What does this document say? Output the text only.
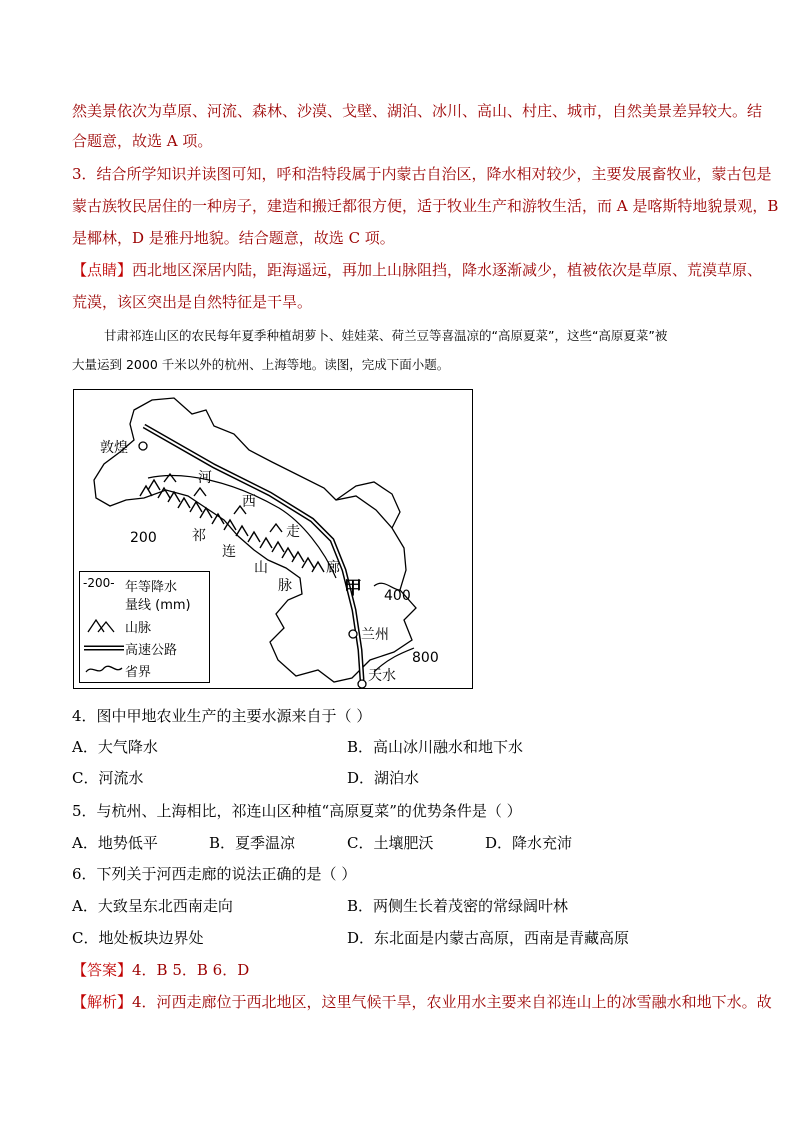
然美景依次为草原、河流、森林、沙漠、戈壁、湖泊、冰川、高山、村庄、城市，自然美景差异较大。结
合题意，故选 A 项。
3．结合所学知识并读图可知，呼和浩特段属于内蒙古自治区，降水相对较少，主要发展畜牧业，蒙古包是
蒙古族牧民居住的一种房子，建造和搬迁都很方便，适于牧业生产和游牧生活，而 A 是喀斯特地貌景观，B
是椰林，D 是雅丹地貌。结合题意，故选 C 项。
【点睛】西北地区深居内陆，距海遥远，再加上山脉阻挡，降水逐渐减少，植被依次是草原、荒漠草原、
荒漠，该区突出是自然特征是干旱。
甘肃祁连山区的农民每年夏季种植胡萝卜、娃娃菜、荷兰豆等喜温凉的“高原夏菜”，这些“高原夏菜”被
大量运到 2000 千米以外的杭州、上海等地。读图，完成下面小题。
敦煌
河
西
走
廊
祁
连
山
脉	甲
兰州
天水
200
400
800
-200- 年等降水
量线 (mm)
山脉
高速公路
省界
4．图中甲地农业生产的主要水源来自于（ ）
A．大气降水	B．高山冰川融水和地下水
C．河流水	D．湖泊水
5．与杭州、上海相比，祁连山区种植“高原夏菜”的优势条件是（ ）
A．地势低平	B．夏季温凉	C．土壤肥沃	D．降水充沛
6．下列关于河西走廊的说法正确的是（ ）
A．大致呈东北西南走向	B．两侧生长着茂密的常绿阔叶林
C．地处板块边界处	D．东北面是内蒙古高原，西南是青藏高原
【答案】4．B 5．B 6．D
【解析】4．河西走廊位于西北地区，这里气候干旱，农业用水主要来自祁连山上的冰雪融水和地下水。故
